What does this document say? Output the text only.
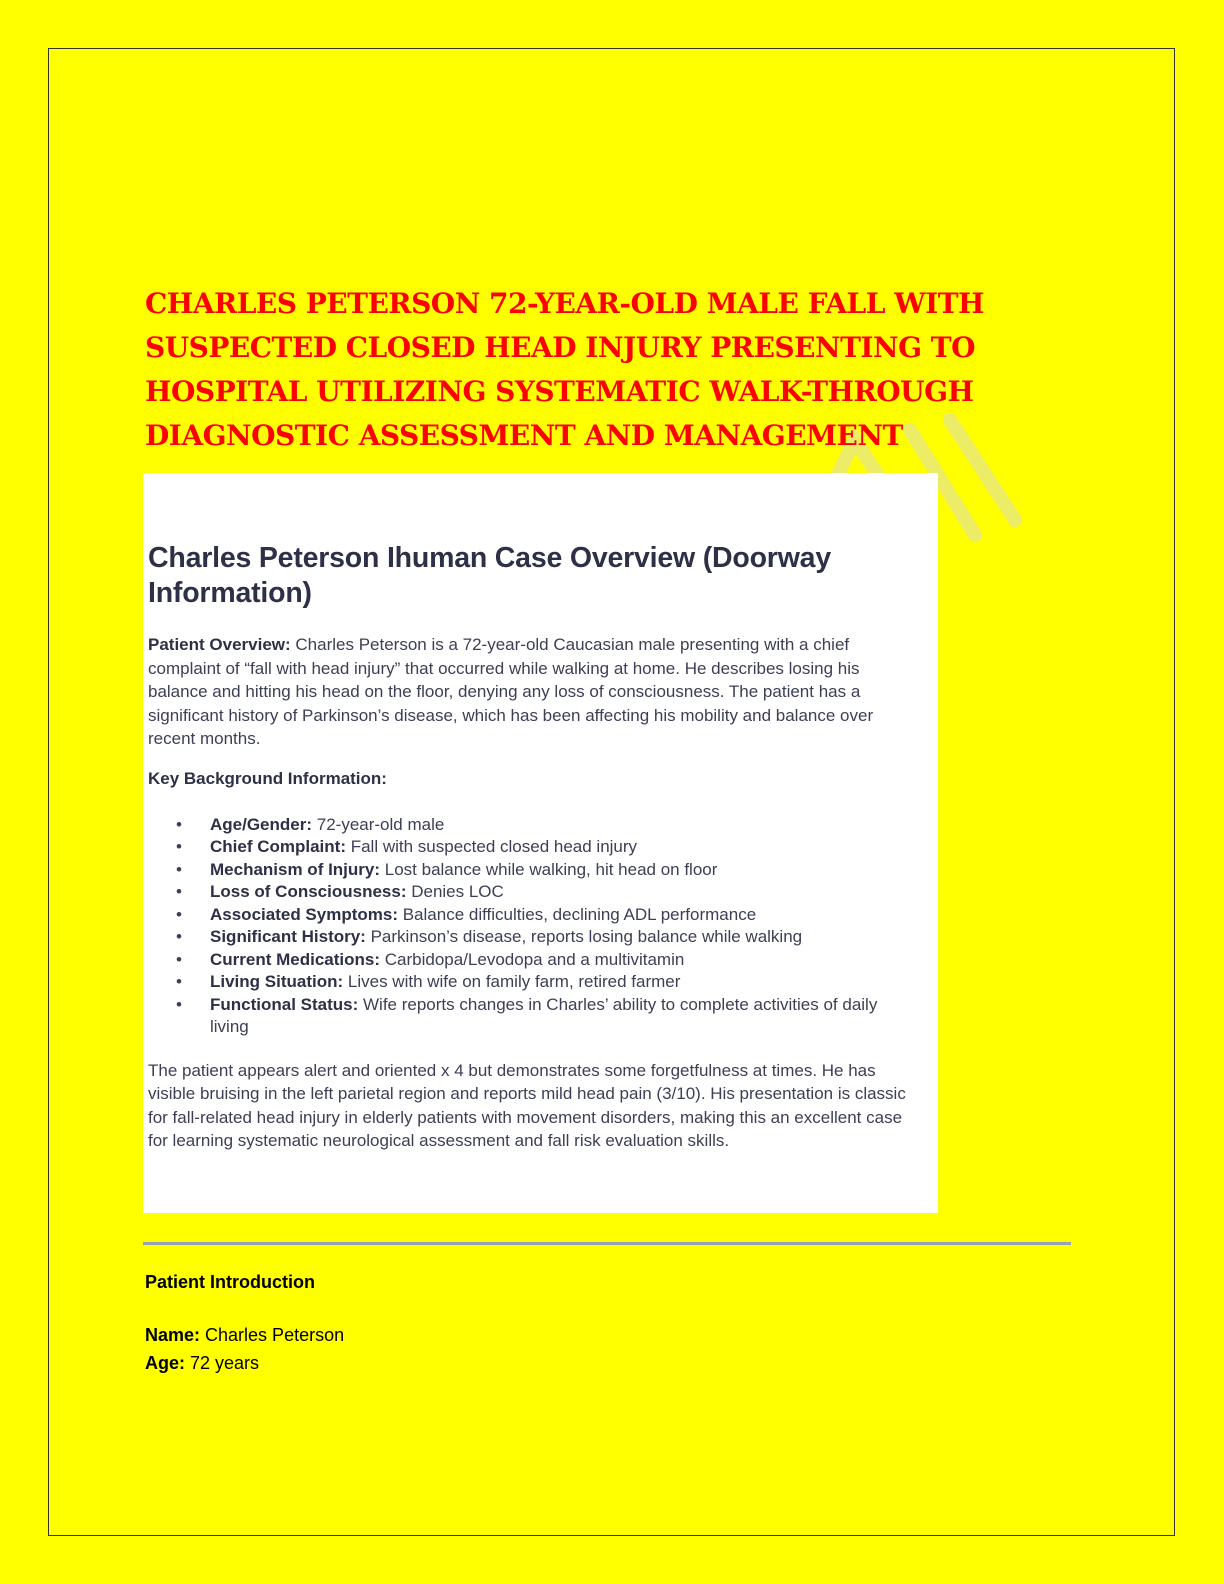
CHARLES PETERSON 72-YEAR-OLD MALE FALL WITH SUSPECTED CLOSED HEAD INJURY PRESENTING TO HOSPITAL UTILIZING SYSTEMATIC WALK-THROUGH DIAGNOSTIC ASSESSMENT AND MANAGEMENT
Charles Peterson Ihuman Case Overview (Doorway Information)

Patient Overview: Charles Peterson is a 72-year-old Caucasian male presenting with a chief complaint of “fall with head injury” that occurred while walking at home. He describes losing his balance and hitting his head on the floor, denying any loss of consciousness. The patient has a significant history of Parkinson’s disease, which has been affecting his mobility and balance over recent months.

Key Background Information:

• Age/Gender: 72-year-old male
• Chief Complaint: Fall with suspected closed head injury
• Mechanism of Injury: Lost balance while walking, hit head on floor
• Loss of Consciousness: Denies LOC
• Associated Symptoms: Balance difficulties, declining ADL performance
• Significant History: Parkinson’s disease, reports losing balance while walking
• Current Medications: Carbidopa/Levodopa and a multivitamin
• Living Situation: Lives with wife on family farm, retired farmer
• Functional Status: Wife reports changes in Charles’ ability to complete activities of daily living

The patient appears alert and oriented x 4 but demonstrates some forgetfulness at times. He has visible bruising in the left parietal region and reports mild head pain (3/10). His presentation is classic for fall-related head injury in elderly patients with movement disorders, making this an excellent case for learning systematic neurological assessment and fall risk evaluation skills.

Patient Introduction

Name: Charles Peterson

Age: 72 years
